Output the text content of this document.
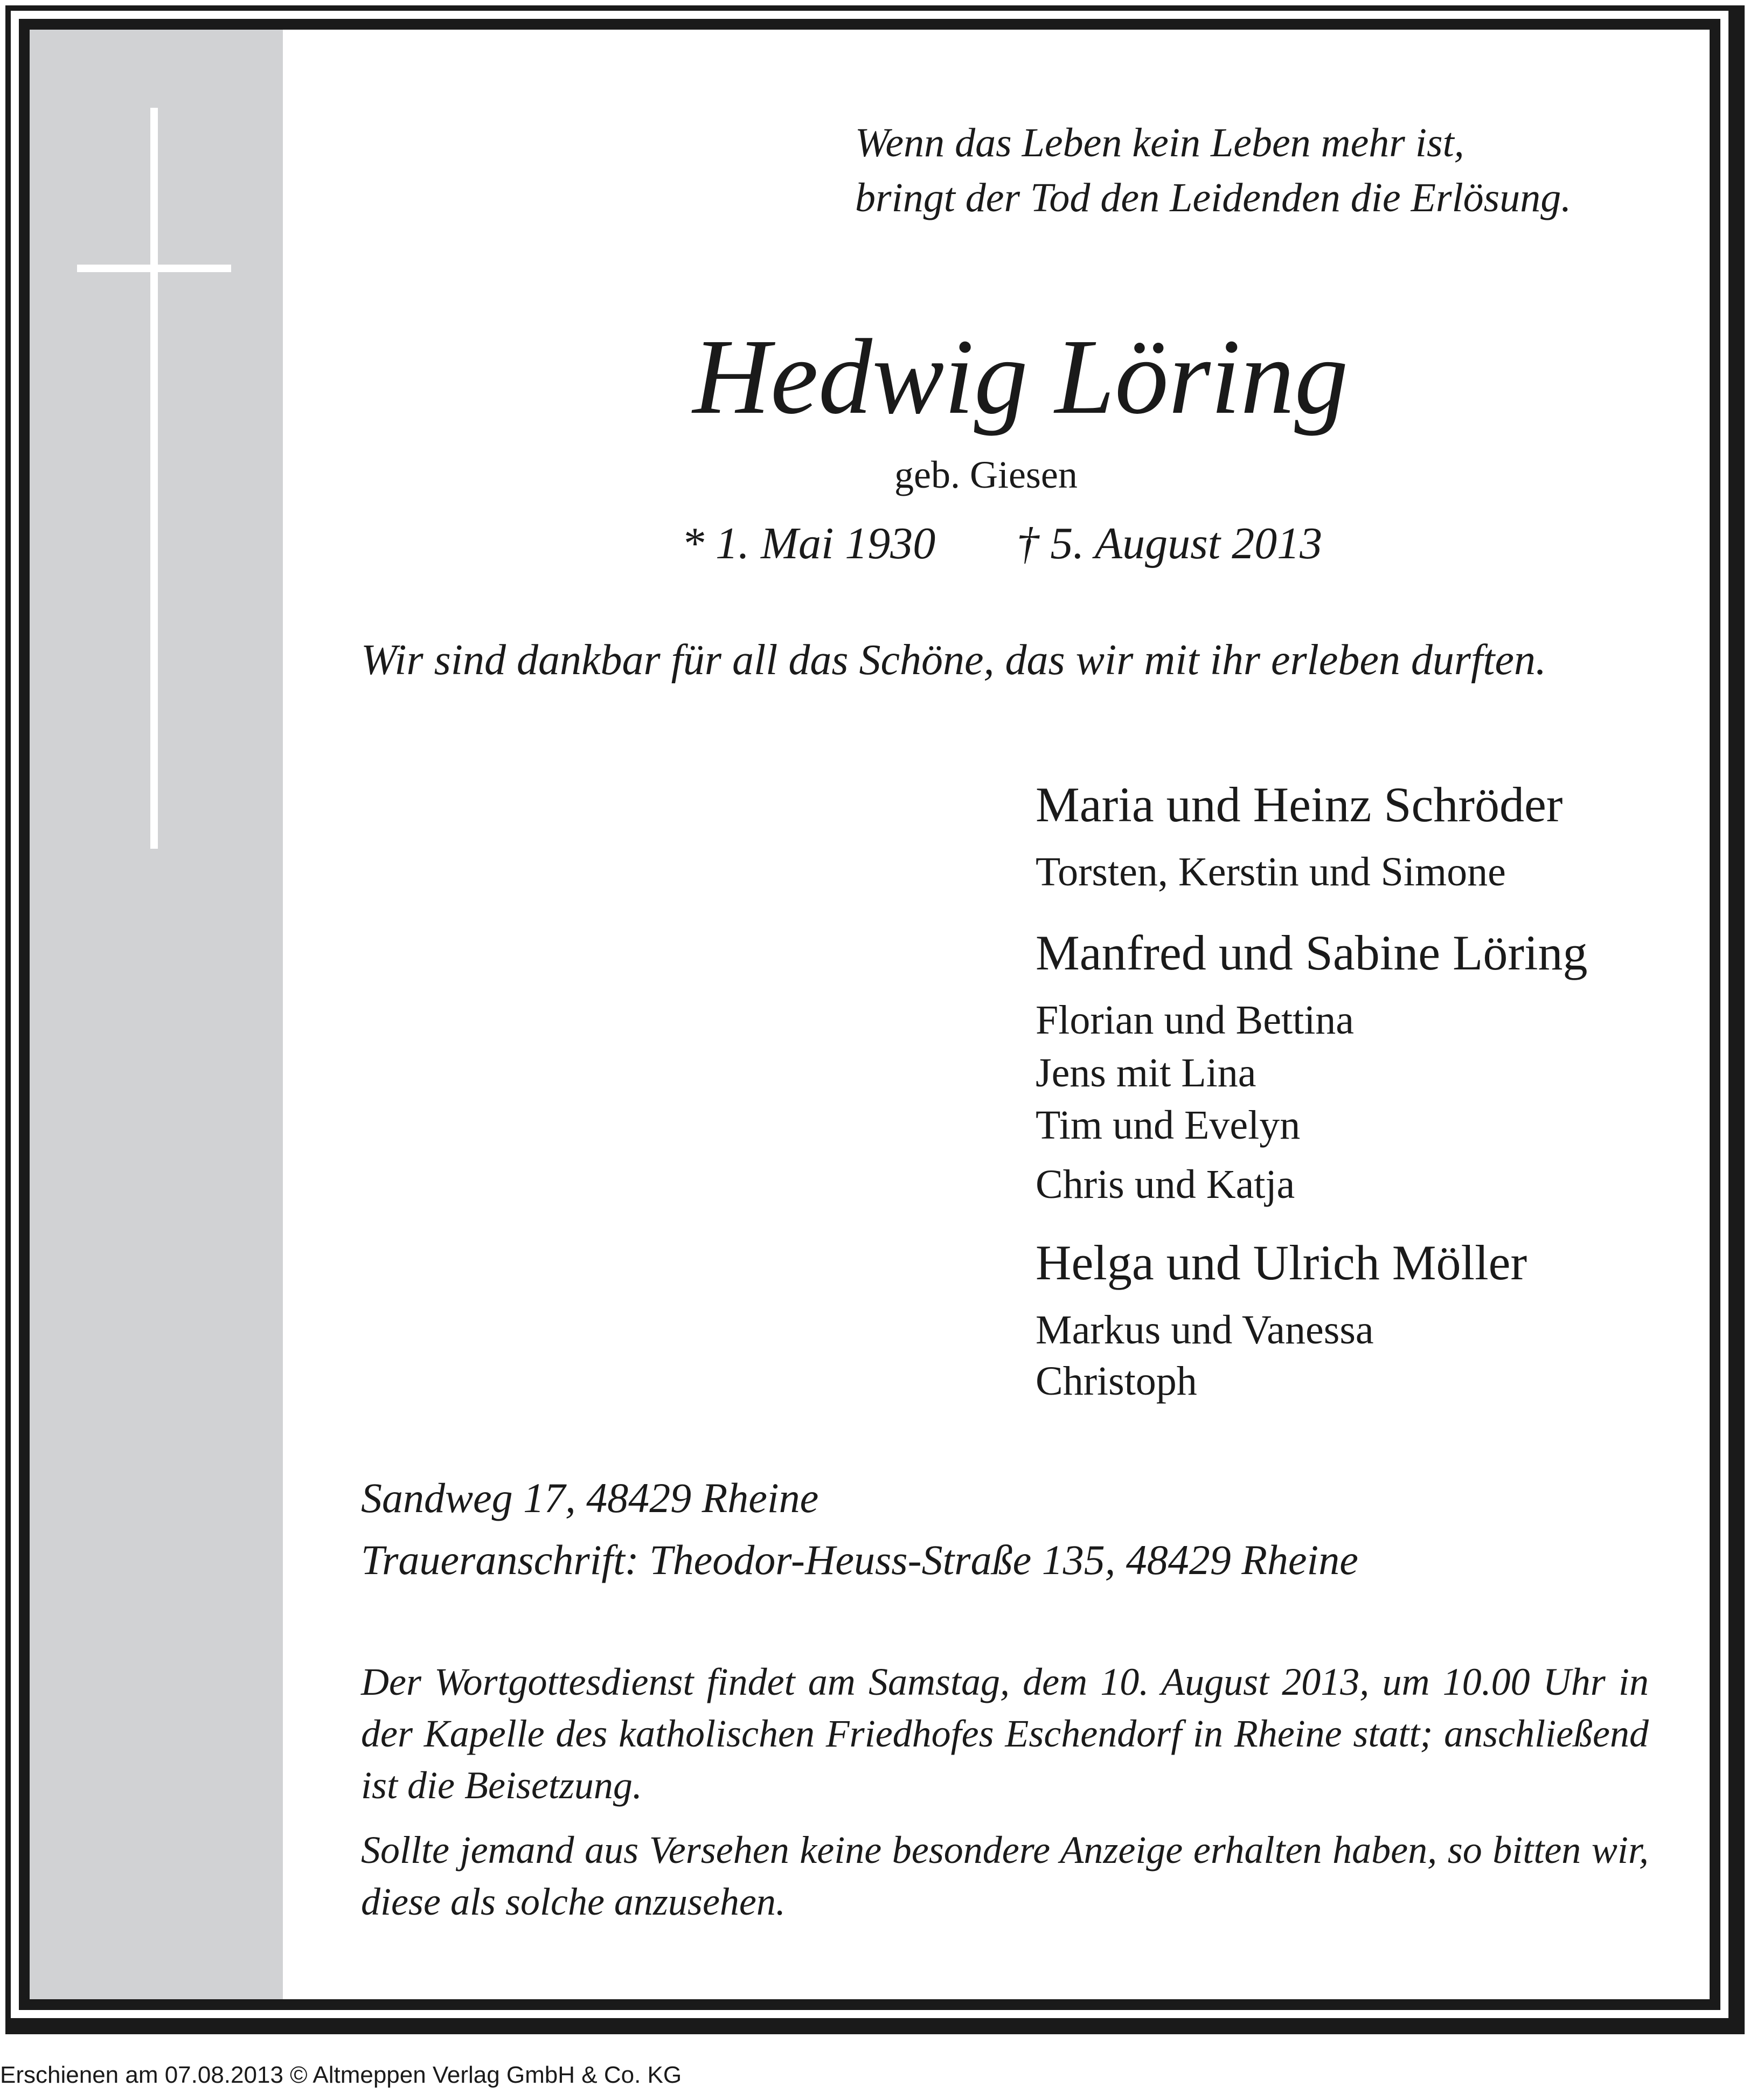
Wenn das Leben kein Leben mehr ist,
bringt der Tod den Leidenden die Erlösung.
Hedwig Löring
geb. Giesen
* 1. Mai 1930 † 5. August 2013
Wir sind dankbar für all das Schöne, das wir mit ihr erleben durften.
Maria und Heinz Schröder
Torsten, Kerstin und Simone
Manfred und Sabine Löring
Florian und Bettina
Jens mit Lina
Tim und Evelyn
Chris und Katja
Helga und Ulrich Möller
Markus und Vanessa
Christoph
Sandweg 17, 48429 Rheine
Traueranschrift: Theodor-Heuss-Straße 135, 48429 Rheine
Der Wortgottesdienst findet am Samstag, dem 10. August 2013, um 10.00 Uhr in der Kapelle des katholischen Friedhofes Eschendorf in Rheine statt; anschließend ist die Beisetzung.
Sollte jemand aus Versehen keine besondere Anzeige erhalten haben, so bitten wir, diese als solche anzusehen.
Erschienen am 07.08.2013 © Altmeppen Verlag GmbH & Co. KG
